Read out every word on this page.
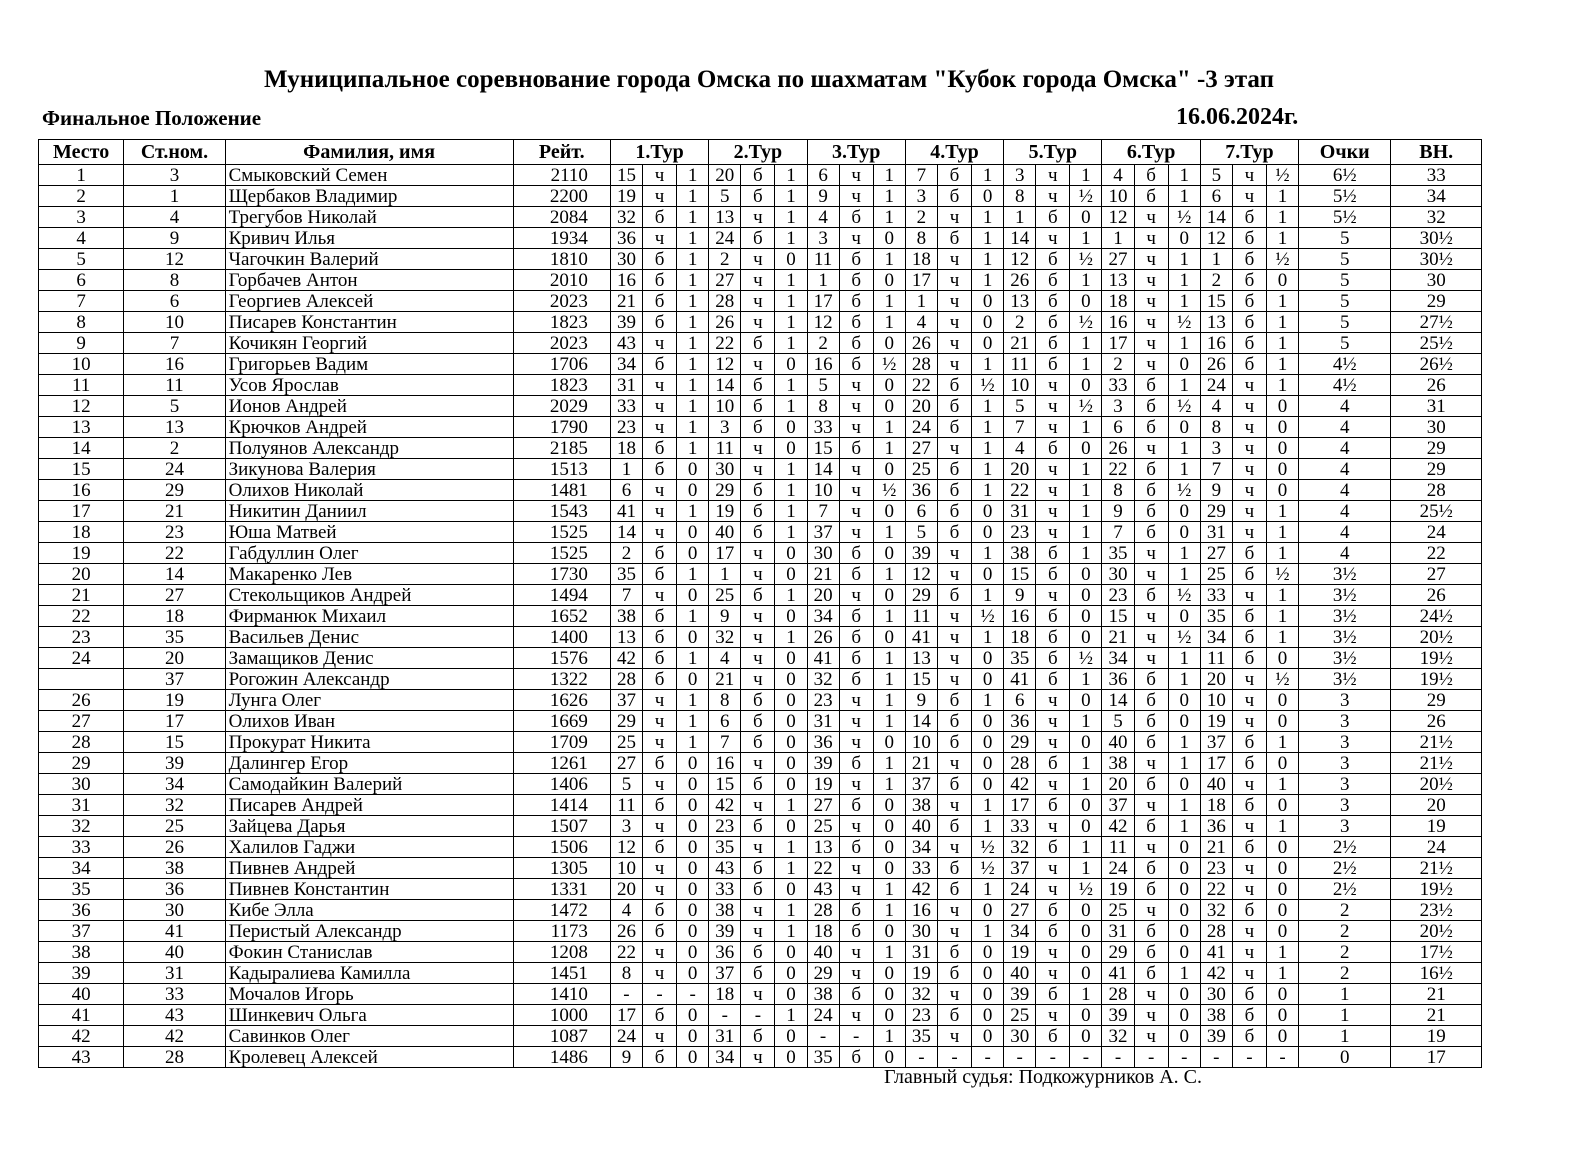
Муниципальное соревнование города Омска по шахматам "Кубок города Омска" -3 этап
Финальное Положение	16.06.2024г.
Место	Ст.ном.	Фамилия, имя	Рейт.	1.Тур			2.Тур			3.Тур			4.Тур			5.Тур			6.Тур			7.Тур			Очки	ВН.
1	3	Смыковский Семен	2110	15	ч	1	20	б	1	6	ч	1	7	б	1	3	ч	1	4	б	1	5	ч	½	6½	33
2	1	Щербаков Владимир	2200	19	ч	1	5	б	1	9	ч	1	3	б	0	8	ч	½	10	б	1	6	ч	1	5½	34
3	4	Трегубов Николай	2084	32	б	1	13	ч	1	4	б	1	2	ч	1	1	б	0	12	ч	½	14	б	1	5½	32
4	9	Кривич Илья	1934	36	ч	1	24	б	1	3	ч	0	8	б	1	14	ч	1	1	ч	0	12	б	1	5	30½
5	12	Чагочкин Валерий	1810	30	б	1	2	ч	0	11	б	1	18	ч	1	12	б	½	27	ч	1	1	б	½	5	30½
6	8	Горбачев Антон	2010	16	б	1	27	ч	1	1	б	0	17	ч	1	26	б	1	13	ч	1	2	б	0	5	30
7	6	Георгиев Алексей	2023	21	б	1	28	ч	1	17	б	1	1	ч	0	13	б	0	18	ч	1	15	б	1	5	29
8	10	Писарев Константин	1823	39	б	1	26	ч	1	12	б	1	4	ч	0	2	б	½	16	ч	½	13	б	1	5	27½
9	7	Кочикян Георгий	2023	43	ч	1	22	б	1	2	б	0	26	ч	0	21	б	1	17	ч	1	16	б	1	5	25½
10	16	Григорьев Вадим	1706	34	б	1	12	ч	0	16	б	½	28	ч	1	11	б	1	2	ч	0	26	б	1	4½	26½
11	11	Усов Ярослав	1823	31	ч	1	14	б	1	5	ч	0	22	б	½	10	ч	0	33	б	1	24	ч	1	4½	26
12	5	Ионов Андрей	2029	33	ч	1	10	б	1	8	ч	0	20	б	1	5	ч	½	3	б	½	4	ч	0	4	31
13	13	Крючков Андрей	1790	23	ч	1	3	б	0	33	ч	1	24	б	1	7	ч	1	6	б	0	8	ч	0	4	30
14	2	Полуянов Александр	2185	18	б	1	11	ч	0	15	б	1	27	ч	1	4	б	0	26	ч	1	3	ч	0	4	29
15	24	Зикунова Валерия	1513	1	б	0	30	ч	1	14	ч	0	25	б	1	20	ч	1	22	б	1	7	ч	0	4	29
16	29	Олихов Николай	1481	6	ч	0	29	б	1	10	ч	½	36	б	1	22	ч	1	8	б	½	9	ч	0	4	28
17	21	Никитин Даниил	1543	41	ч	1	19	б	1	7	ч	0	6	б	0	31	ч	1	9	б	0	29	ч	1	4	25½
18	23	Юша Матвей	1525	14	ч	0	40	б	1	37	ч	1	5	б	0	23	ч	1	7	б	0	31	ч	1	4	24
19	22	Габдуллин Олег	1525	2	б	0	17	ч	0	30	б	0	39	ч	1	38	б	1	35	ч	1	27	б	1	4	22
20	14	Макаренко Лев	1730	35	б	1	1	ч	0	21	б	1	12	ч	0	15	б	0	30	ч	1	25	б	½	3½	27
21	27	Стекольщиков Андрей	1494	7	ч	0	25	б	1	20	ч	0	29	б	1	9	ч	0	23	б	½	33	ч	1	3½	26
22	18	Фирманюк Михаил	1652	38	б	1	9	ч	0	34	б	1	11	ч	½	16	б	0	15	ч	0	35	б	1	3½	24½
23	35	Васильев Денис	1400	13	б	0	32	ч	1	26	б	0	41	ч	1	18	б	0	21	ч	½	34	б	1	3½	20½
24	20	Замащиков Денис	1576	42	б	1	4	ч	0	41	б	1	13	ч	0	35	б	½	34	ч	1	11	б	0	3½	19½
	37	Рогожин Александр	1322	28	б	0	21	ч	0	32	б	1	15	ч	0	41	б	1	36	б	1	20	ч	½	3½	19½
26	19	Лунга Олег	1626	37	ч	1	8	б	0	23	ч	1	9	б	1	6	ч	0	14	б	0	10	ч	0	3	29
27	17	Олихов Иван	1669	29	ч	1	6	б	0	31	ч	1	14	б	0	36	ч	1	5	б	0	19	ч	0	3	26
28	15	Прокурат Никита	1709	25	ч	1	7	б	0	36	ч	0	10	б	0	29	ч	0	40	б	1	37	б	1	3	21½
29	39	Далингер Егор	1261	27	б	0	16	ч	0	39	б	1	21	ч	0	28	б	1	38	ч	1	17	б	0	3	21½
30	34	Самодайкин Валерий	1406	5	ч	0	15	б	0	19	ч	1	37	б	0	42	ч	1	20	б	0	40	ч	1	3	20½
31	32	Писарев Андрей	1414	11	б	0	42	ч	1	27	б	0	38	ч	1	17	б	0	37	ч	1	18	б	0	3	20
32	25	Зайцева Дарья	1507	3	ч	0	23	б	0	25	ч	0	40	б	1	33	ч	0	42	б	1	36	ч	1	3	19
33	26	Халилов Гаджи	1506	12	б	0	35	ч	1	13	б	0	34	ч	½	32	б	1	11	ч	0	21	б	0	2½	24
34	38	Пивнев Андрей	1305	10	ч	0	43	б	1	22	ч	0	33	б	½	37	ч	1	24	б	0	23	ч	0	2½	21½
35	36	Пивнев Константин	1331	20	ч	0	33	б	0	43	ч	1	42	б	1	24	ч	½	19	б	0	22	ч	0	2½	19½
36	30	Кибе Элла	1472	4	б	0	38	ч	1	28	б	1	16	ч	0	27	б	0	25	ч	0	32	б	0	2	23½
37	41	Перистый Александр	1173	26	б	0	39	ч	1	18	б	0	30	ч	1	34	б	0	31	б	0	28	ч	0	2	20½
38	40	Фокин Станислав	1208	22	ч	0	36	б	0	40	ч	1	31	б	0	19	ч	0	29	б	0	41	ч	1	2	17½
39	31	Кадыралиева Камилла	1451	8	ч	0	37	б	0	29	ч	0	19	б	0	40	ч	0	41	б	1	42	ч	1	2	16½
40	33	Мочалов Игорь	1410	-	-	-	18	ч	0	38	б	0	32	ч	0	39	б	1	28	ч	0	30	б	0	1	21
41	43	Шинкевич Ольга	1000	17	б	0	-	-	1	24	ч	0	23	б	0	25	ч	0	39	ч	0	38	б	0	1	21
42	42	Савинков Олег	1087	24	ч	0	31	б	0	-	-	1	35	ч	0	30	б	0	32	ч	0	39	б	0	1	19
43	28	Кролевец Алексей	1486	9	б	0	34	ч	0	35	б	0	-	-	-	-	-	-	-	-	-	-	-	-	0	17
Главный судья: Подкожурников А. С.
